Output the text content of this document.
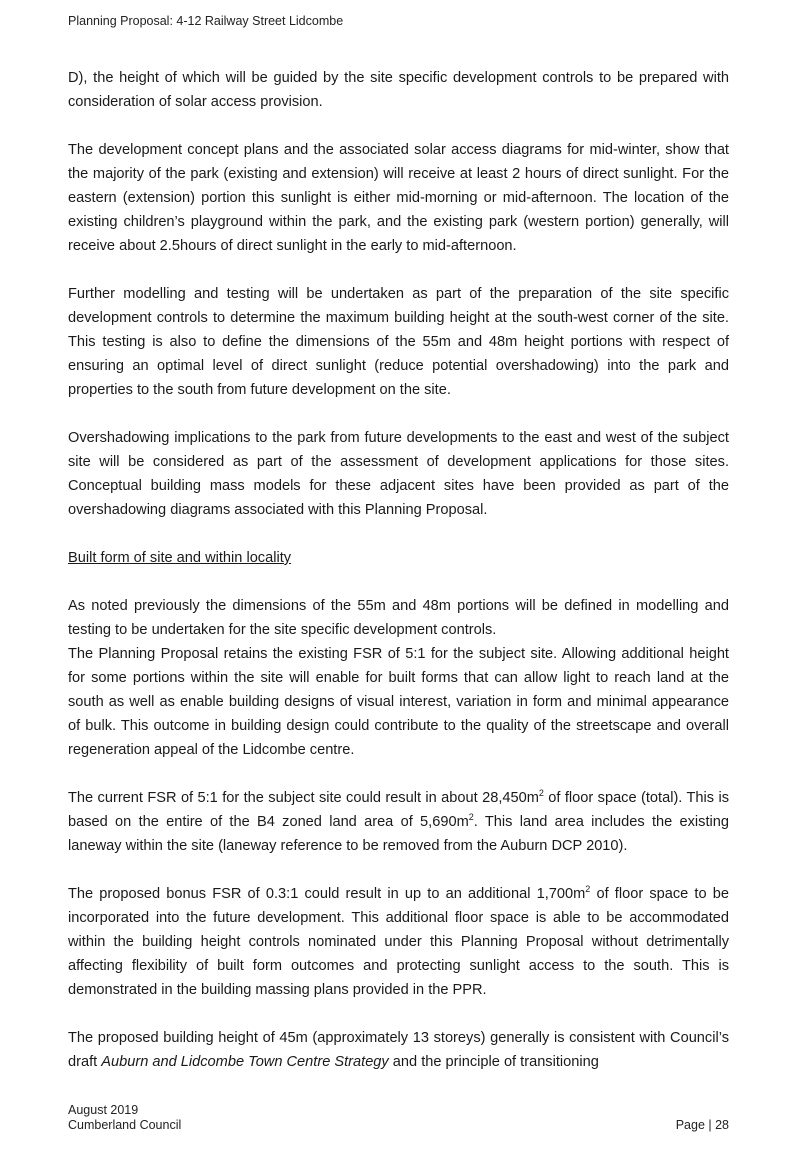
Planning Proposal: 4-12 Railway Street Lidcombe

D), the height of which will be guided by the site specific development controls to be prepared with consideration of solar access provision.

The development concept plans and the associated solar access diagrams for mid-winter, show that the majority of the park (existing and extension) will receive at least 2 hours of direct sunlight. For the eastern (extension) portion this sunlight is either mid-morning or mid-afternoon. The location of the existing children’s playground within the park, and the existing park (western portion) generally, will receive about 2.5hours of direct sunlight in the early to mid-afternoon.

Further modelling and testing will be undertaken as part of the preparation of the site specific development controls to determine the maximum building height at the south-west corner of the site. This testing is also to define the dimensions of the 55m and 48m height portions with respect of ensuring an optimal level of direct sunlight (reduce potential overshadowing) into the park and properties to the south from future development on the site.

Overshadowing implications to the park from future developments to the east and west of the subject site will be considered as part of the assessment of development applications for those sites. Conceptual building mass models for these adjacent sites have been provided as part of the overshadowing diagrams associated with this Planning Proposal.

Built form of site and within locality

As noted previously the dimensions of the 55m and 48m portions will be defined in modelling and testing to be undertaken for the site specific development controls.

The Planning Proposal retains the existing FSR of 5:1 for the subject site. Allowing additional height for some portions within the site will enable for built forms that can allow light to reach land at the south as well as enable building designs of visual interest, variation in form and minimal appearance of bulk. This outcome in building design could contribute to the quality of the streetscape and overall regeneration appeal of the Lidcombe centre.

The current FSR of 5:1 for the subject site could result in about $28,450m^2$ of floor space (total). This is based on the entire of the B4 zoned land area of $5,690m^2$. This land area includes the existing laneway within the site (laneway reference to be removed from the Auburn DCP 2010).

The proposed bonus FSR of 0.3:1 could result in up to an additional $1,700m^2$ of floor space to be incorporated into the future development. This additional floor space is able to be accommodated within the building height controls nominated under this Planning Proposal without detrimentally affecting flexibility of built form outcomes and protecting sunlight access to the south. This is demonstrated in the building massing plans provided in the PPR.

The proposed building height of 45m (approximately 13 storeys) generally is consistent with Council’s draft Auburn and Lidcombe Town Centre Strategy and the principle of transitioning

August 2019
Cumberland Council	Page | 28
